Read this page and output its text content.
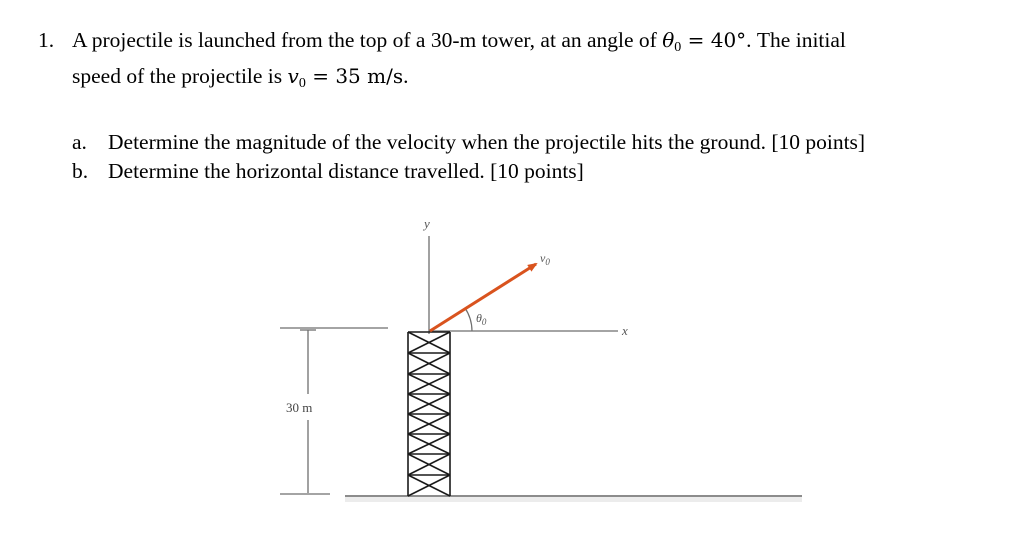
1. A projectile is launched from the top of a 30-m tower, at an angle of θ0 = 40°. The initial
speed of the projectile is v0 = 35 m/s.
a. Determine the magnitude of the velocity when the projectile hits the ground. [10 points]
b. Determine the horizontal distance travelled. [10 points]
y
x
30 m
$\theta_0$
$v_0$
